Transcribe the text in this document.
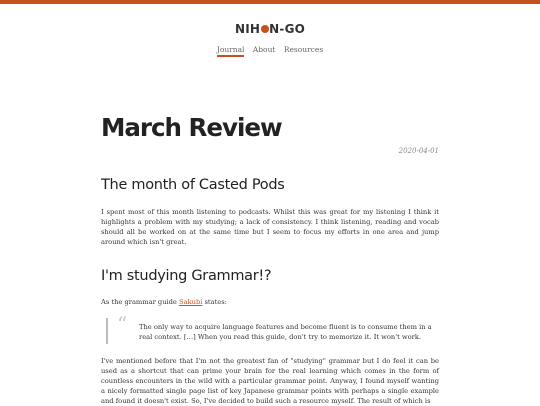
NIH N-GO
Journal About Resources
March Review
2020-04-01
The month of Casted Pods

I spent most of this month listening to podcasts. Whilst this was great for my listening I think it highlights a problem with my studying; a lack of consistency. I think listening, reading and vocab should all be worked on at the same time but I seem to focus my efforts in one area and jump around which isn't great.

I'm studying Grammar!?

As the grammar guide Sakubi states:

“ The only way to acquire language features and become fluent is to consume them in a real context. […] When you read this guide, don't try to memorize it. It won't work.

I've mentioned before that I'm not the greatest fan of "studying" grammar but I do feel it can be used as a shortcut that can prime your brain for the real learning which comes in the form of countless encounters in the wild with a particular grammar point. Anyway, I found myself wanting a nicely formatted single page list of key Japanese grammar points with perhaps a single example and found it doesn't exist. So, I've decided to build such a resource myself. The result of which is
